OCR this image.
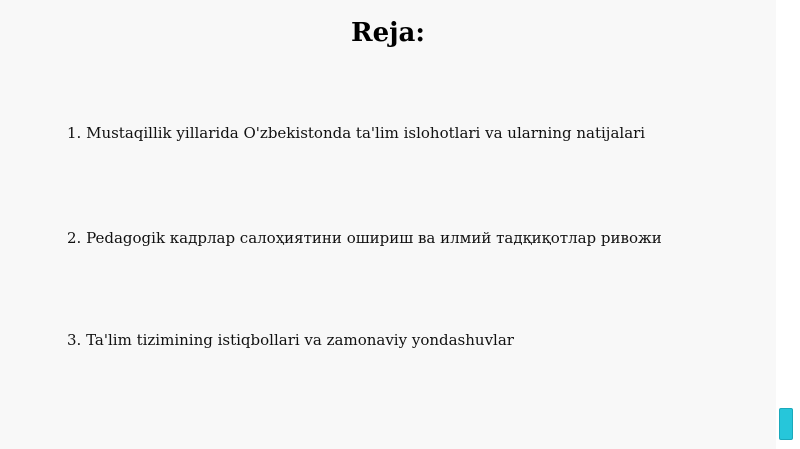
Reja:

1. Mustaqillik yillarida O'zbekistonda ta'lim islohotlari va ularning natijalari

2. Pedagogik кадрлар салоҳиятини ошириш ва илмий тадқиқотлар ривожи

3. Ta'lim tizimining istiqbollari va zamonaviy yondashuvlar
